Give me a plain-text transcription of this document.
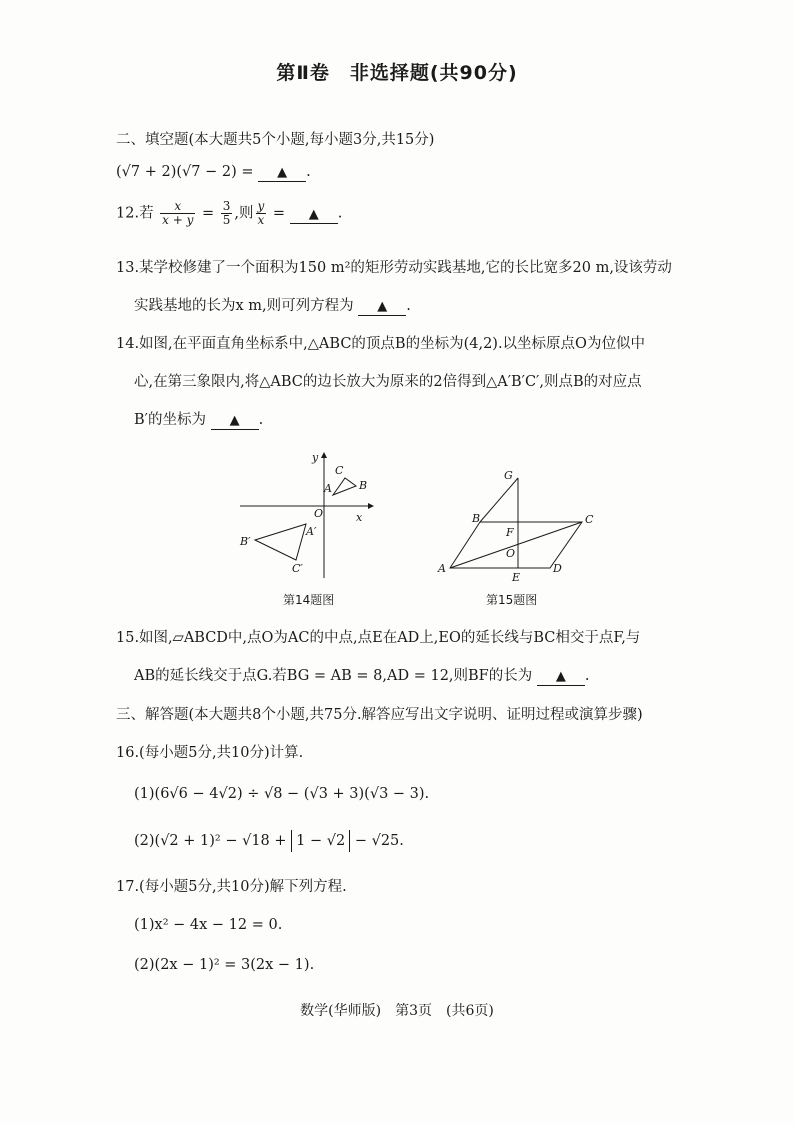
第Ⅱ卷　非选择题(共90分)
二、填空题(本大题共5个小题,每小题3分,共15分)
(√7 + 2)(√7 − 2) = ▲ .
12.若 $\frac{x}{x + y} = \frac{3}{5}$ ,则 $\frac{y}{x}$ = ▲ .
13.某学校修建了一个面积为150 m²的矩形劳动实践基地,它的长比宽多20 m,设该劳动
实践基地的长为x m,则可列方程为 ▲ .
14.如图,在平面直角坐标系中,△ABC的顶点B的坐标为(4,2).以坐标原点O为位似中
心,在第三象限内,将△ABC的边长放大为原来的2倍得到△A′B′C′,则点B的对应点
B′的坐标为 ▲ .
y
x
O
A B
C
A′
B′
C′
第14题图
G
B	C
F
O
A
E
D
第15题图
15.如图,▱ABCD中,点O为AC的中点,点E在AD上,EO的延长线与BC相交于点F,与
AB的延长线交于点G.若BG = AB = 8,AD = 12,则BF的长为 ▲ .
三、解答题(本大题共8个小题,共75分.解答应写出文字说明、证明过程或演算步骤)
16.(每小题5分,共10分)计算.
(1)(6√6 − 4√2) ÷ √8 − (√3 + 3)(√3 − 3).
(2)(√2 + 1)² − √18 + 1 − √2 − √25.
17.(每小题5分,共10分)解下列方程.
(1)x² − 4x − 12 = 0.
(2)(2x − 1)² = 3(2x − 1).
数学(华师版)　第3页　(共6页)
